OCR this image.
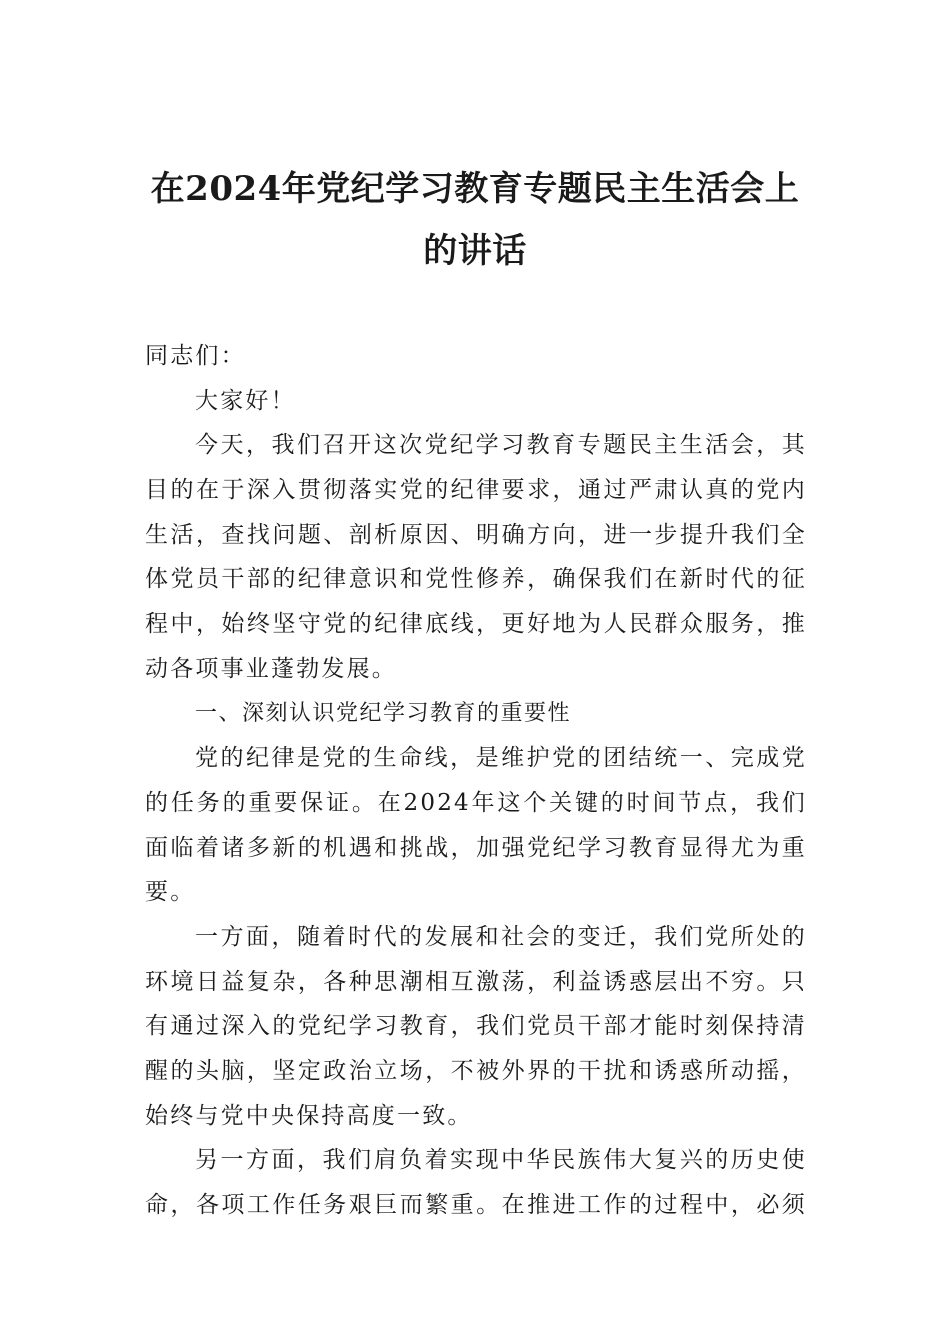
在2024年党纪学习教育专题民主生活会上
的讲话
同志们：
大家好！
今天，我们召开这次党纪学习教育专题民主生活会，其
目的在于深入贯彻落实党的纪律要求，通过严肃认真的党内
生活，查找问题、剖析原因、明确方向，进一步提升我们全
体党员干部的纪律意识和党性修养，确保我们在新时代的征
程中，始终坚守党的纪律底线，更好地为人民群众服务，推
动各项事业蓬勃发展。
一、深刻认识党纪学习教育的重要性
党的纪律是党的生命线，是维护党的团结统一、完成党
的任务的重要保证。在2024年这个关键的时间节点，我们
面临着诸多新的机遇和挑战，加强党纪学习教育显得尤为重
要。
一方面，随着时代的发展和社会的变迁，我们党所处的
环境日益复杂，各种思潮相互激荡，利益诱惑层出不穷。只
有通过深入的党纪学习教育，我们党员干部才能时刻保持清
醒的头脑，坚定政治立场，不被外界的干扰和诱惑所动摇，
始终与党中央保持高度一致。
另一方面，我们肩负着实现中华民族伟大复兴的历史使
命，各项工作任务艰巨而繁重。在推进工作的过程中，必须
